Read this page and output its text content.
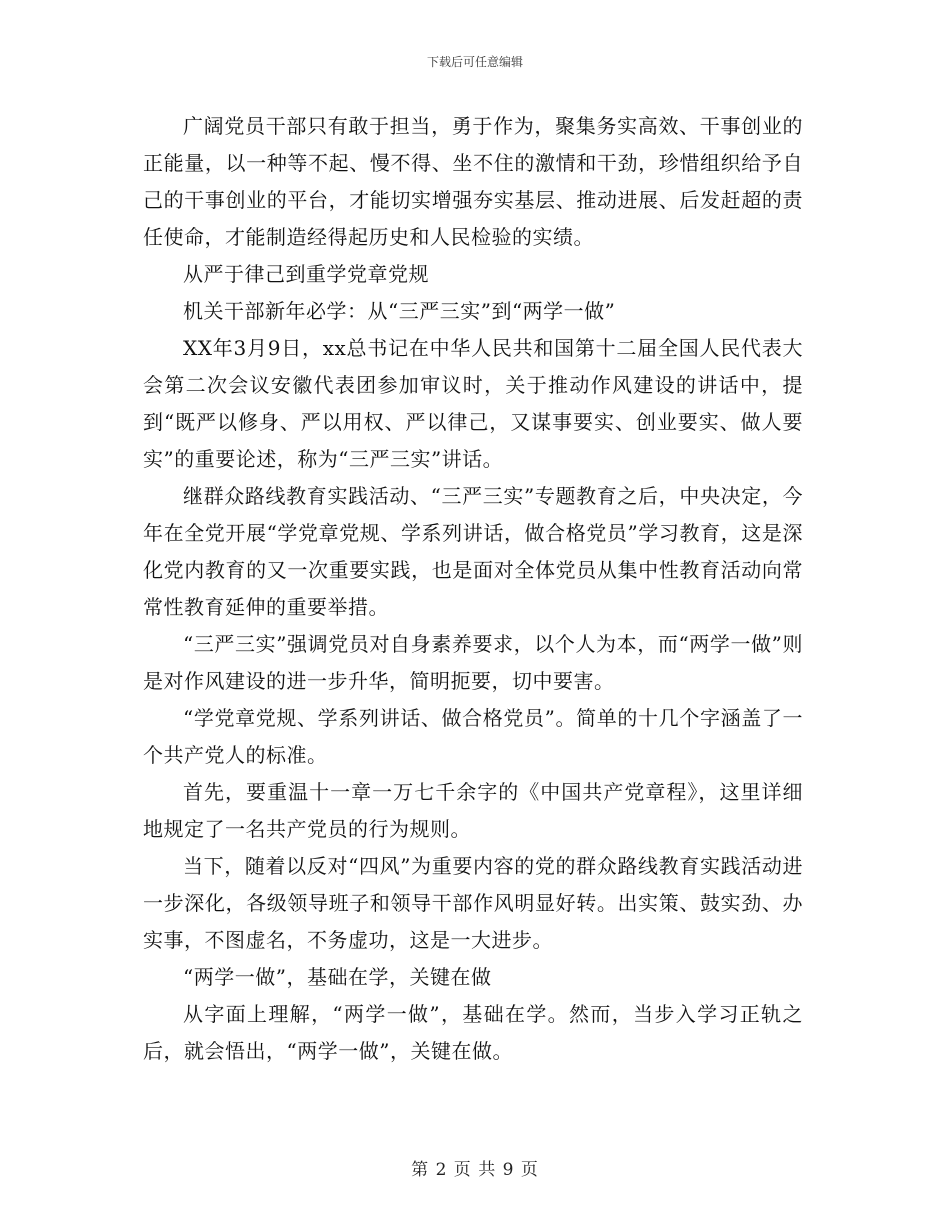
下载后可任意编辑

广阔党员干部只有敢于担当，勇于作为，聚集务实高效、干事创业的正能量，以一种等不起、慢不得、坐不住的激情和干劲，珍惜组织给予自己的干事创业的平台，才能切实增强夯实基层、推动进展、后发赶超的责任使命，才能制造经得起历史和人民检验的实绩。

从严于律己到重学党章党规

机关干部新年必学：从“三严三实”到“两学一做”

XX年3月9日，xx总书记在中华人民共和国第十二届全国人民代表大会第二次会议安徽代表团参加审议时，关于推动作风建设的讲话中，提到“既严以修身、严以用权、严以律己，又谋事要实、创业要实、做人要实”的重要论述，称为“三严三实”讲话。

继群众路线教育实践活动、“三严三实”专题教育之后，中央决定，今年在全党开展“学党章党规、学系列讲话，做合格党员”学习教育，这是深化党内教育的又一次重要实践，也是面对全体党员从集中性教育活动向常常性教育延伸的重要举措。

“三严三实”强调党员对自身素养要求，以个人为本，而“两学一做”则是对作风建设的进一步升华，简明扼要，切中要害。

“学党章党规、学系列讲话、做合格党员”。简单的十几个字涵盖了一个共产党人的标准。

首先，要重温十一章一万七千余字的《中国共产党章程》，这里详细地规定了一名共产党员的行为规则。

当下，随着以反对“四风”为重要内容的党的群众路线教育实践活动进一步深化，各级领导班子和领导干部作风明显好转。出实策、鼓实劲、办实事，不图虚名，不务虚功，这是一大进步。

“两学一做”，基础在学，关键在做

从字面上理解，“两学一做”，基础在学。然而，当步入学习正轨之后，就会悟出，“两学一做”，关键在做。

第 2 页 共 9 页
